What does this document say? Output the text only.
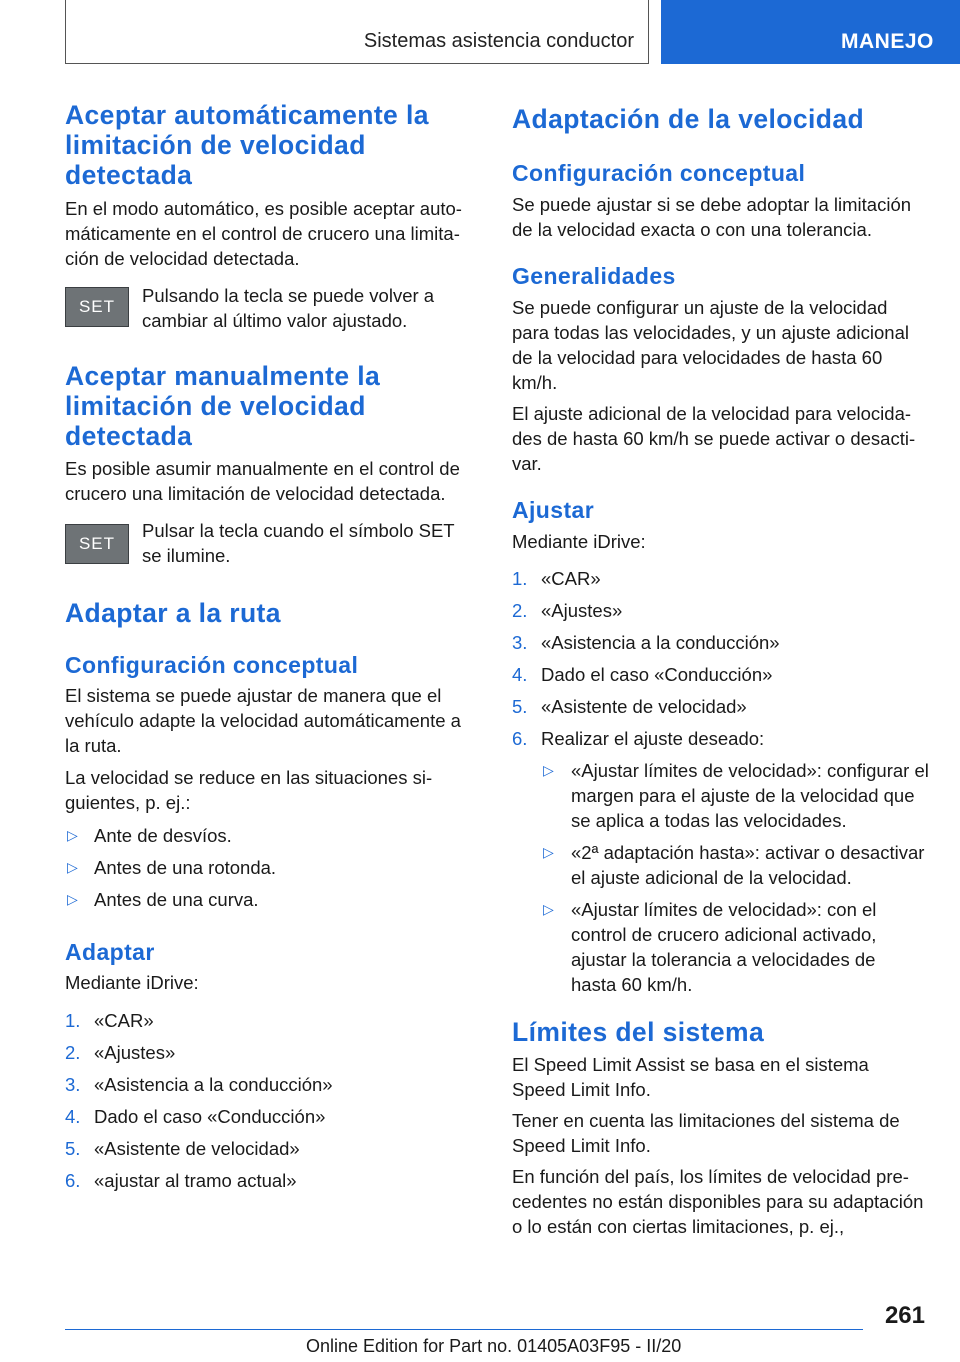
Sistemas asistencia conductor	MANEJO
Aceptar automáticamente la limitación de velocidad detectada

En el modo automático, es posible aceptar automáticamente en el control de crucero una limitación de velocidad detectada.

SET

Pulsando la tecla se puede volver a cambiar al último valor ajustado.

Aceptar manualmente la limitación de velocidad detectada

Es posible asumir manualmente en el control de crucero una limitación de velocidad detectada.

SET

Pulsar la tecla cuando el símbolo SET se ilumine.

Adaptar a la ruta
Configuración conceptual

El sistema se puede ajustar de manera que el vehículo adapte la velocidad automáticamente a la ruta.

La velocidad se reduce en las situaciones siguientes, p. ej.:

▷ Ante de desvíos.
▷ Antes de una rotonda.
▷ Antes de una curva.
Adaptar

Mediante iDrive:

1. «CAR»
2. «Ajustes»
3. «Asistencia a la conducción»
4. Dado el caso «Conducción»
5. «Asistente de velocidad»
6. «ajustar al tramo actual»
Adaptación de la velocidad
Configuración conceptual

Se puede ajustar si se debe adoptar la limitación de la velocidad exacta o con una tolerancia.

Generalidades

Se puede configurar un ajuste de la velocidad para todas las velocidades, y un ajuste adicional de la velocidad para velocidades de hasta 60 km/h.

El ajuste adicional de la velocidad para velocidades de hasta 60 km/h se puede activar o desactivar.

Ajustar

Mediante iDrive:

1. «CAR»
2. «Ajustes»
3. «Asistencia a la conducción»
4. Dado el caso «Conducción»
5. «Asistente de velocidad»
6. Realizar el ajuste deseado:
▷ «Ajustar límites de velocidad»: configurar el margen para el ajuste de la velocidad que se aplica a todas las velocidades.
▷ «2ª adaptación hasta»: activar o desactivar el ajuste adicional de la velocidad.
▷ «Ajustar límites de velocidad»: con el control de crucero adicional activado, ajustar la tolerancia a velocidades de hasta 60 km/h.
Límites del sistema

El Speed Limit Assist se basa en el sistema Speed Limit Info.

Tener en cuenta las limitaciones del sistema de Speed Limit Info.

En función del país, los límites de velocidad precedentes no están disponibles para su adaptación o lo están con ciertas limitaciones, p. ej.,

261
Online Edition for Part no. 01405A03F95 - II/20
